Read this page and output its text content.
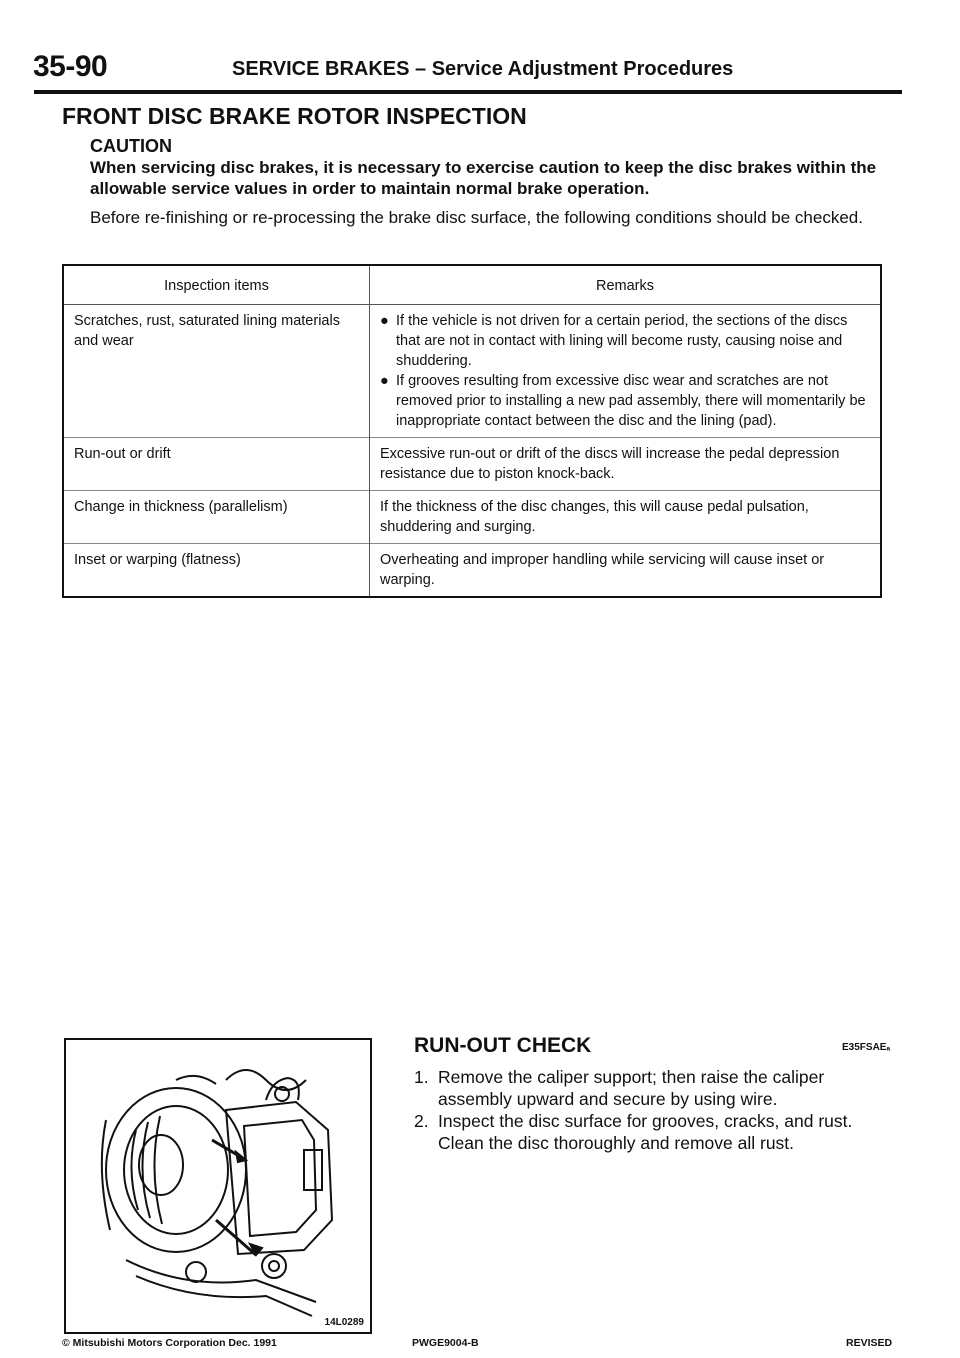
35-90	SERVICE BRAKES – Service Adjustment Procedures
FRONT DISC BRAKE ROTOR INSPECTION
CAUTION
When servicing disc brakes, it is necessary to exercise caution to keep the disc brakes within the allowable service values in order to maintain normal brake operation.
Before re-finishing or re-processing the brake disc surface, the following conditions should be checked.
Inspection items	Remarks
Scratches, rust, saturated lining materials and wear	● If the vehicle is not driven for a certain period, the sections of the discs that are not in contact with lining will become rusty, causing noise and shuddering.
● If grooves resulting from excessive disc wear and scratches are not removed prior to installing a new pad assembly, there will momentarily be inappropriate contact between the disc and the lining (pad).

Run-out or drift	Excessive run-out or drift of the discs will increase the pedal depression resistance due to piston knock-back.
Change in thickness (parallelism)	If the thickness of the disc changes, this will cause pedal pulsation, shuddering and surging.
Inset or warping (flatness)	Overheating and improper handling while servicing will cause inset or warping.
14L0289
RUN-OUT CHECK	E35FSAEₐ
1. Remove the caliper support; then raise the caliper
assembly upward and secure by using wire.
2. Inspect the disc surface for grooves, cracks, and rust.
Clean the disc thoroughly and remove all rust.
© Mitsubishi Motors Corporation Dec. 1991	PWGE9004-B	REVISED
